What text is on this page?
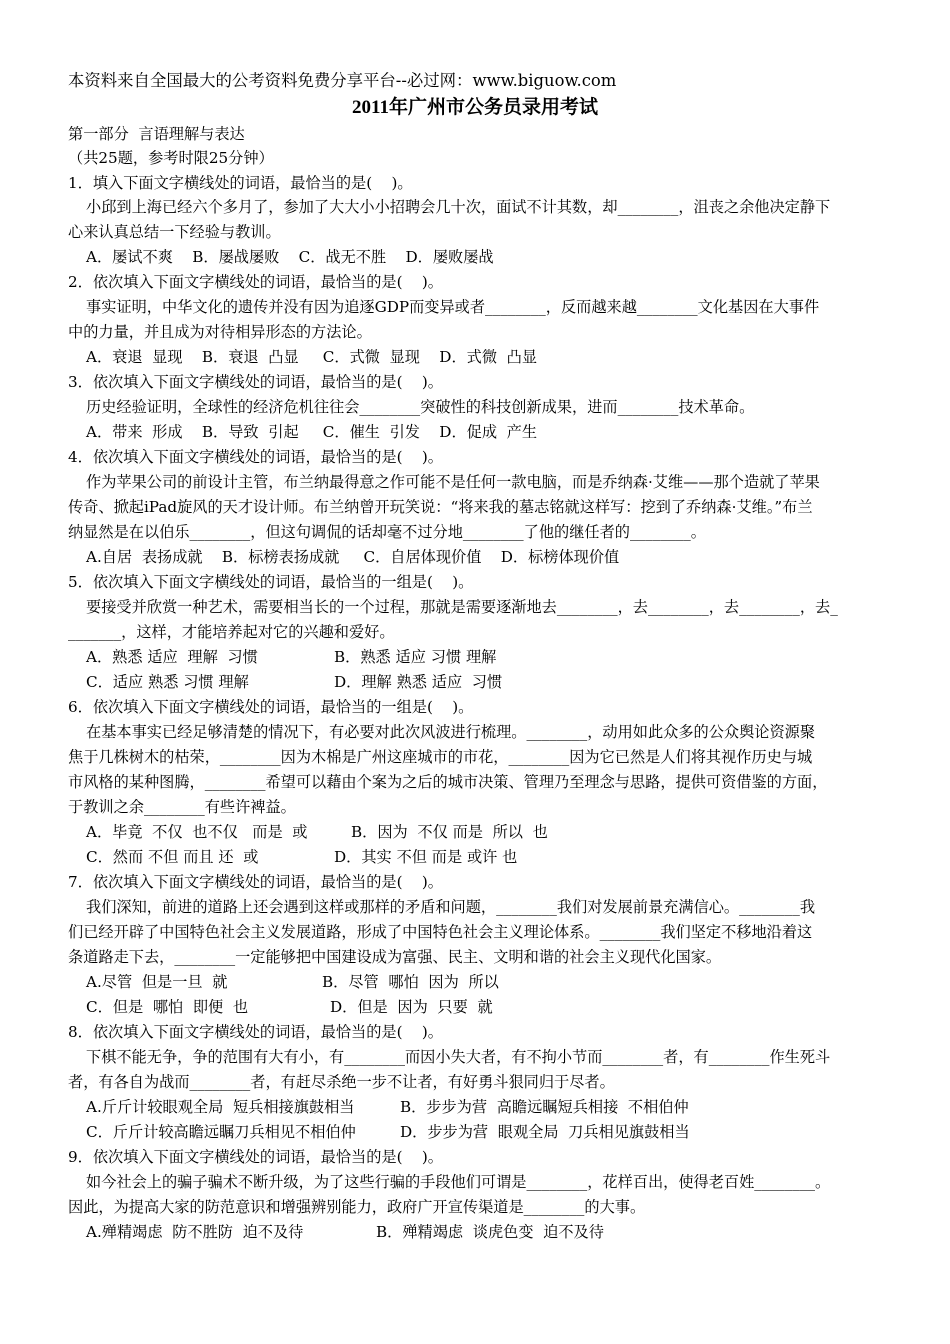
本资料来自全国最大的公考资料免费分享平台--必过网：www.biguow.com
2011年广州市公务员录用考试
第一部分  言语理解与表达
（共25题，参考时限25分钟）
1．填入下面文字横线处的词语，最恰当的是(    )。
小邱到上海已经六个多月了，参加了大大小小招聘会几十次，面试不计其数，却________，沮丧之余他决定静下
心来认真总结一下经验与教训。
A．屡试不爽    B．屡战屡败    C．战无不胜    D．屡败屡战
2．依次填入下面文字横线处的词语，最恰当的是(    )。
事实证明，中华文化的遗传并没有因为追逐GDP而变异或者________，反而越来越________文化基因在大事件
中的力量，并且成为对待相异形态的方法论。
A．衰退  显现    B．衰退  凸显     C．式微  显现    D．式微  凸显
3．依次填入下面文字横线处的词语，最恰当的是(    )。
历史经验证明，全球性的经济危机往往会________突破性的科技创新成果，进而________技术革命。
A．带来  形成    B．导致  引起     C．催生  引发    D．促成  产生
4．依次填入下面文字横线处的词语，最恰当的是(    )。
作为苹果公司的前设计主管，布兰纳最得意之作可能不是任何一款电脑，而是乔纳森·艾维——那个造就了苹果
传奇、掀起iPad旋风的天才设计师。布兰纳曾开玩笑说：“将来我的墓志铭就这样写：挖到了乔纳森·艾维。”布兰
纳显然是在以伯乐________，但这句调侃的话却毫不过分地________了他的继任者的________。
A.自居  表扬成就    B．标榜表扬成就     C．自居体现价值    D．标榜体现价值
5．依次填入下面文字横线处的词语，最恰当的一组是(    )。
要接受并欣赏一种艺术，需要相当长的一个过程，那就是需要逐渐地去________，去________，去________，去_
_______，这样，才能培养起对它的兴趣和爱好。
A．熟悉 适应  理解  习惯	B．熟悉 适应 习惯 理解
C．适应 熟悉 习惯 理解	D．理解 熟悉 适应  习惯
6．依次填入下面文字横线处的词语，最恰当的一组是(    )。
在基本事实已经足够清楚的情况下，有必要对此次风波进行梳理。________，动用如此众多的公众舆论资源聚
焦于几株树木的枯荣，________因为木棉是广州这座城市的市花，________因为它已然是人们将其视作历史与城
市风格的某种图腾，________希望可以藉由个案为之后的城市决策、管理乃至理念与思路，提供可资借鉴的方面，
于教训之余________有些许裨益。
A．毕竟  不仅  也不仅   而是  或	B．因为  不仅 而是  所以  也
C．然而 不但 而且 还  或	D．其实 不但 而是 或许 也
7．依次填入下面文字横线处的词语，最恰当的是(    )。
我们深知，前进的道路上还会遇到这样或那样的矛盾和问题，________我们对发展前景充满信心。________我
们已经开辟了中国特色社会主义发展道路，形成了中国特色社会主义理论体系。________我们坚定不移地沿着这
条道路走下去，________一定能够把中国建设成为富强、民主、文明和谐的社会主义现代化国家。
A.尽管  但是一旦  就	B．尽管  哪怕  因为  所以
C．但是  哪怕  即便  也	D．但是  因为  只要  就
8．依次填入下面文字横线处的词语，最恰当的是(    )。
下棋不能无争，争的范围有大有小，有________而因小失大者，有不拘小节而________者，有________作生死斗
者，有各自为战而________者，有赶尽杀绝一步不让者，有好勇斗狠同归于尽者。
A.斤斤计较眼观全局  短兵相接旗鼓相当	B．步步为营  高瞻远瞩短兵相接  不相伯仲
C．斤斤计较高瞻远瞩刀兵相见不相伯仲	D．步步为营  眼观全局  刀兵相见旗鼓相当
9．依次填入下面文字横线处的词语，最恰当的是(    )。
如今社会上的骗子骗术不断升级，为了这些行骗的手段他们可谓是________，花样百出，使得老百姓________。
因此，为提高大家的防范意识和增强辨别能力，政府广开宣传渠道是________的大事。
A.殚精竭虑  防不胜防  迫不及待	B．殚精竭虑  谈虎色变  迫不及待
